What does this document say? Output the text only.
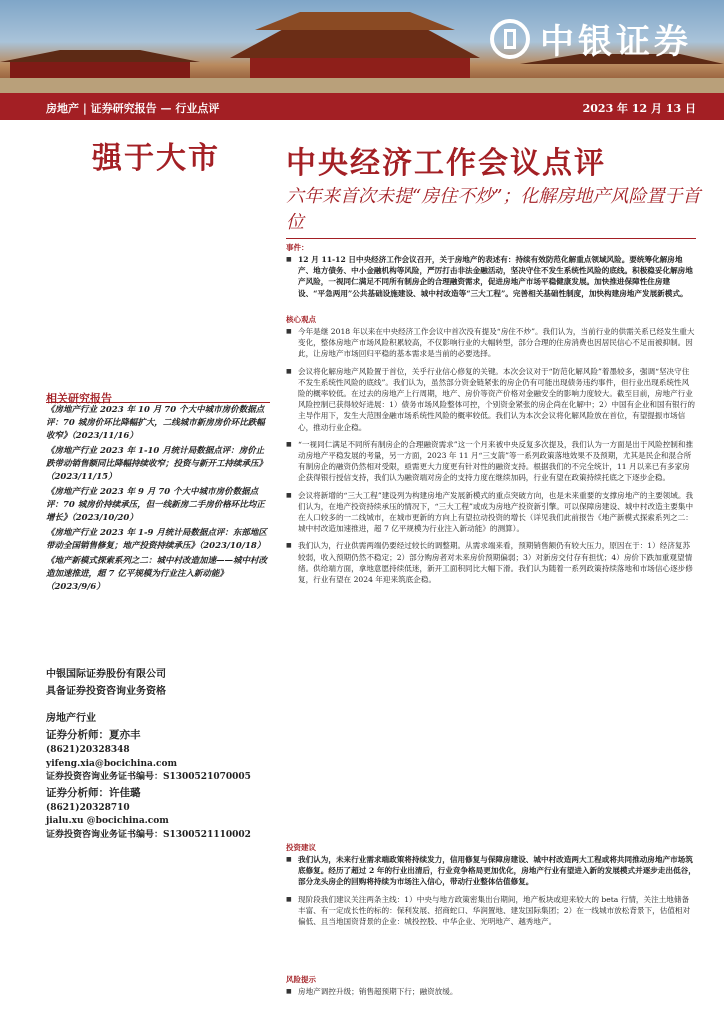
中银证券
房地产 | 证券研究报告 — 行业点评	2023 年 12 月 13 日
强于大市	中央经济工作会议点评
六年来首次未提“房住不炒”；化解房地产风险置于首位
相关研究报告

《房地产行业 2023 年 10 月 70 个大中城市房价数据点评：70 城房价环比降幅扩大，二线城市新房房价环比跌幅收窄》（2023/11/16）

《房地产行业 2023 年 1-10 月统计局数据点评：房价止跌带动销售额同比降幅持续收窄；投资与新开工持续承压》（2023/11/15）

《房地产行业 2023 年 9 月 70 个大中城市房价数据点评：70 城房价持续承压，但一线新房二手房价格环比均正增长》（2023/10/20）

《房地产行业 2023 年 1-9 月统计局数据点评：东部地区带动全国销售修复；地产投资持续承压》（2023/10/18）

《地产新模式探索系列之二：城中村改造加速——城中村改造加速推进，超 7 亿平规模为行业注入新动能》（2023/9/6）

中银国际证券股份有限公司
具备证券投资咨询业务资格
房地产行业
证券分析师：夏亦丰
(8621)20328348
yifeng.xia@bocichina.com
证券投资咨询业务证书编号：S1300521070005
证券分析师：许佳璐
(8621)20328710
jialu.xu @bocichina.com
证券投资咨询业务证书编号：S1300521110002
事件：
■ 12 月 11-12 日中央经济工作会议召开，关于房地产的表述有：持续有效防范化解重点领域风险。要统筹化解房地产、地方债务、中小金融机构等风险，严厉打击非法金融活动，坚决守住不发生系统性风险的底线。积极稳妥化解房地产风险，一视同仁满足不同所有制房企的合理融资需求，促进房地产市场平稳健康发展。加快推进保障性住房建设、“平急两用”公共基础设施建设、城中村改造等“三大工程”。完善相关基础性制度，加快构建房地产发展新模式。
核心观点
■ 今年是继 2018 年以来在中央经济工作会议中首次没有提及“房住不炒”。我们认为，当前行业的供需关系已经发生重大变化，整体房地产市场风险积累较高，不仅影响行业的大幅转型，部分合理的住房消费也因居民信心不足而被抑制。因此，让房地产市场回归平稳的基本需求是当前的必要选择。
■ 会议将化解房地产风险置于首位，关乎行业信心修复的关键。本次会议对于“防范化解风险”着墨较多，强调“坚决守住不发生系统性风险的底线”。我们认为，虽然部分资金链紧张的房企仍有可能出现债务违约事件，但行业出现系统性风险的概率较低。在过去的房地产上行周期，地产、房价等资产价格对金融安全的影响力度较大。截至目前，房地产行业风险控制已获得较好进展：1）债务市场风险整体可控，个别资金紧张的房企尚在化解中；2）中国有企业和国有银行的主导作用下，发生大范围金融市场系统性风险的概率较低。我们认为本次会议将化解风险放在首位，有望提振市场信心，推动行业企稳。
■ “一视同仁满足不同所有制房企的合理融资需求”这一个月来被中央反复多次提及，我们认为一方面是出于风险控制和推动房地产平稳发展的考量，另一方面，2023 年 11 月“三支箭”等一系列政策落地效果不及预期，尤其是民企和混合所有制房企的融资仍然相对受限，亟需更大力度更有针对性的融资支持。根据我们的不完全统计，11 月以来已有多家房企获得银行授信支持，我们认为融资端对房企的支持力度在继续加码，行业有望在政策持续托底之下逐步企稳。
■ 会议将新增的“三大工程”建设列为构建房地产发展新模式的重点突破方向，也是未来重要的支撑房地产的主要领域。我们认为，在地产投资持续承压的情况下，“三大工程”或成为房地产投资新引擎。可以保障房建设、城中村改造主要集中在人口较多的一二线城市，在城市更新的方向上有望拉动投资的增长（详见我们此前报告《地产新模式探索系列之二：城中村改造加速推进，超 7 亿平规模为行业注入新动能》的测算）。
■ 我们认为，行业供需两端仍要经过较长的调整期。从需求端来看，预期销售额仍有较大压力，原因在于：1）经济复苏较弱，收入预期仍然不稳定；2）部分购房者对未来房价预期偏弱；3）对新房交付存有担忧；4）房价下跌加重观望情绪。供给端方面，拿地意愿持续低迷，新开工面积同比大幅下滑。我们认为随着一系列政策持续落地和市场信心逐步修复，行业有望在 2024 年迎来筑底企稳。
投资建议
■ 我们认为，未来行业需求端政策将持续发力，信用修复与保障房建设、城中村改造两大工程或将共同推动房地产市场筑底修复。经历了超过 2 年的行业出清后，行业竞争格局更加优化，房地产行业有望进入新的发展模式并逐步走出低谷，部分龙头房企的回购将持续为市场注入信心，带动行业整体估值修复。
■ 现阶段我们建议关注两条主线：1）中央与地方政策密集出台期间，地产板块或迎来较大的 beta 行情，关注土地储备丰富、有一定成长性的标的：保利发展、招商蛇口、华润置地、建发国际集团；2）在一线城市放松背景下，估值相对偏低、且当地国资背景的企业：城投控股、中华企业、光明地产、越秀地产。
风险提示
■ 房地产调控升级；销售超预期下行；融资放缓。
